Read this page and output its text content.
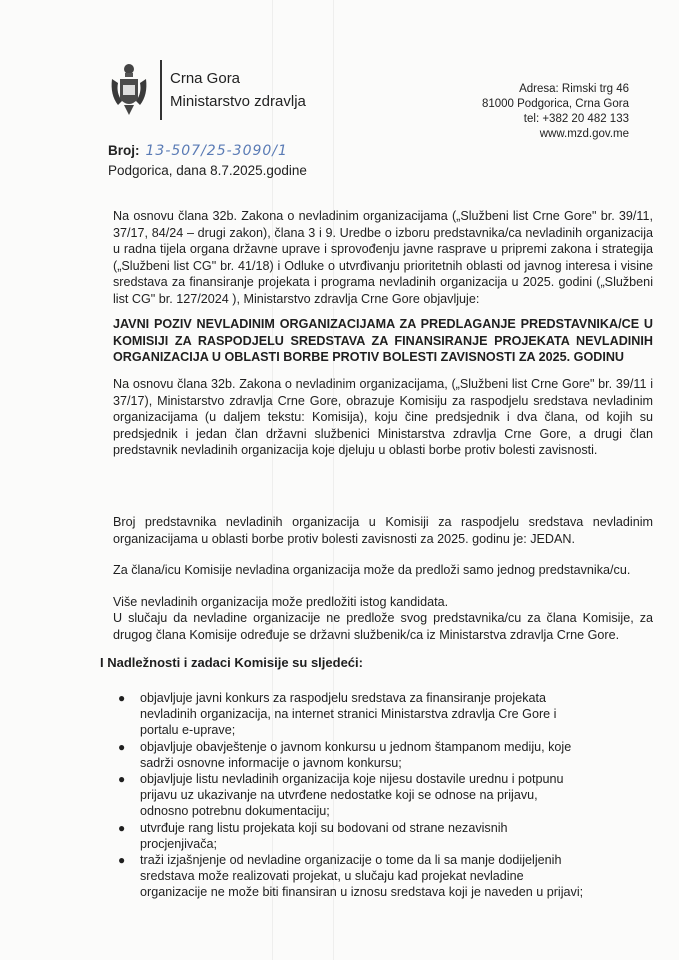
Crna Gora
Ministarstvo zdravlja
Adresa: Rimski trg 46
81000 Podgorica, Crna Gora
tel: +382 20 482 133
www.mzd.gov.me
Broj: 13-507/25-3090/1
Podgorica, dana 8.7.2025.godine

Na osnovu člana 32b. Zakona o nevladinim organizacijama („Službeni list Crne Gore" br. 39/11, 37/17, 84/24 – drugi zakon), člana 3 i 9. Uredbe o izboru predstavnika/ca nevladinih organizacija u radna tijela organa državne uprave i sprovođenju javne rasprave u pripremi zakona i strategija („Službeni list CG" br. 41/18) i Odluke o utvrđivanju prioritetnih oblasti od javnog interesa i visine sredstava za finansiranje projekata i programa nevladinih organizacija u 2025. godini („Službeni list CG" br. 127/2024 ), Ministarstvo zdravlja Crne Gore objavljuje:

JAVNI POZIV NEVLADINIM ORGANIZACIJAMA ZA PREDLAGANJE PREDSTAVNIKA/CE U KOMISIJI ZA RASPODJELU SREDSTAVA ZA FINANSIRANJE PROJEKATA NEVLADINIH ORGANIZACIJA U OBLASTI BORBE PROTIV BOLESTI ZAVISNOSTI ZA 2025. GODINU

Na osnovu člana 32b. Zakona o nevladinim organizacijama, („Službeni list Crne Gore" br. 39/11 i 37/17), Ministarstvo zdravlja Crne Gore, obrazuje Komisiju za raspodjelu sredstava nevladinim organizacijama (u daljem tekstu: Komisija), koju čine predsjednik i dva člana, od kojih su predsjednik i jedan član državni službenici Ministarstva zdravlja Crne Gore, a drugi član predstavnik nevladinih organizacija koje djeluju u oblasti borbe protiv bolesti zavisnosti.

Broj predstavnika nevladinih organizacija u Komisiji za raspodjelu sredstava nevladinim organizacijama u oblasti borbe protiv bolesti zavisnosti za 2025. godinu je: JEDAN.

Za člana/icu Komisije nevladina organizacija može da predloži samo jednog predstavnika/cu.

Više nevladinih organizacija može predložiti istog kandidata.

U slučaju da nevladine organizacije ne predlože svog predstavnika/cu za člana Komisije, za drugog člana Komisije određuje se državni službenik/ca iz Ministarstva zdravlja Crne Gore.

I Nadležnosti i zadaci Komisije su sljedeći:
● objavljuje javni konkurs za raspodjelu sredstava za finansiranje projekata nevladinih organizacija, na internet stranici Ministarstva zdravlja Cre Gore i portalu e-uprave;
● objavljuje obavještenje o javnom konkursu u jednom štampanom mediju, koje sadrži osnovne informacije o javnom konkursu;
● objavljuje listu nevladinih organizacija koje nijesu dostavile urednu i potpunu prijavu uz ukazivanje na utvrđene nedostatke koji se odnose na prijavu, odnosno potrebnu dokumentaciju;
● utvrđuje rang listu projekata koji su bodovani od strane nezavisnih procjenjivača;
● traži izjašnjenje od nevladine organizacije o tome da li sa manje dodijeljenih sredstava može realizovati projekat, u slučaju kad projekat nevladine organizacije ne može biti finansiran u iznosu sredstava koji je naveden u prijavi;
